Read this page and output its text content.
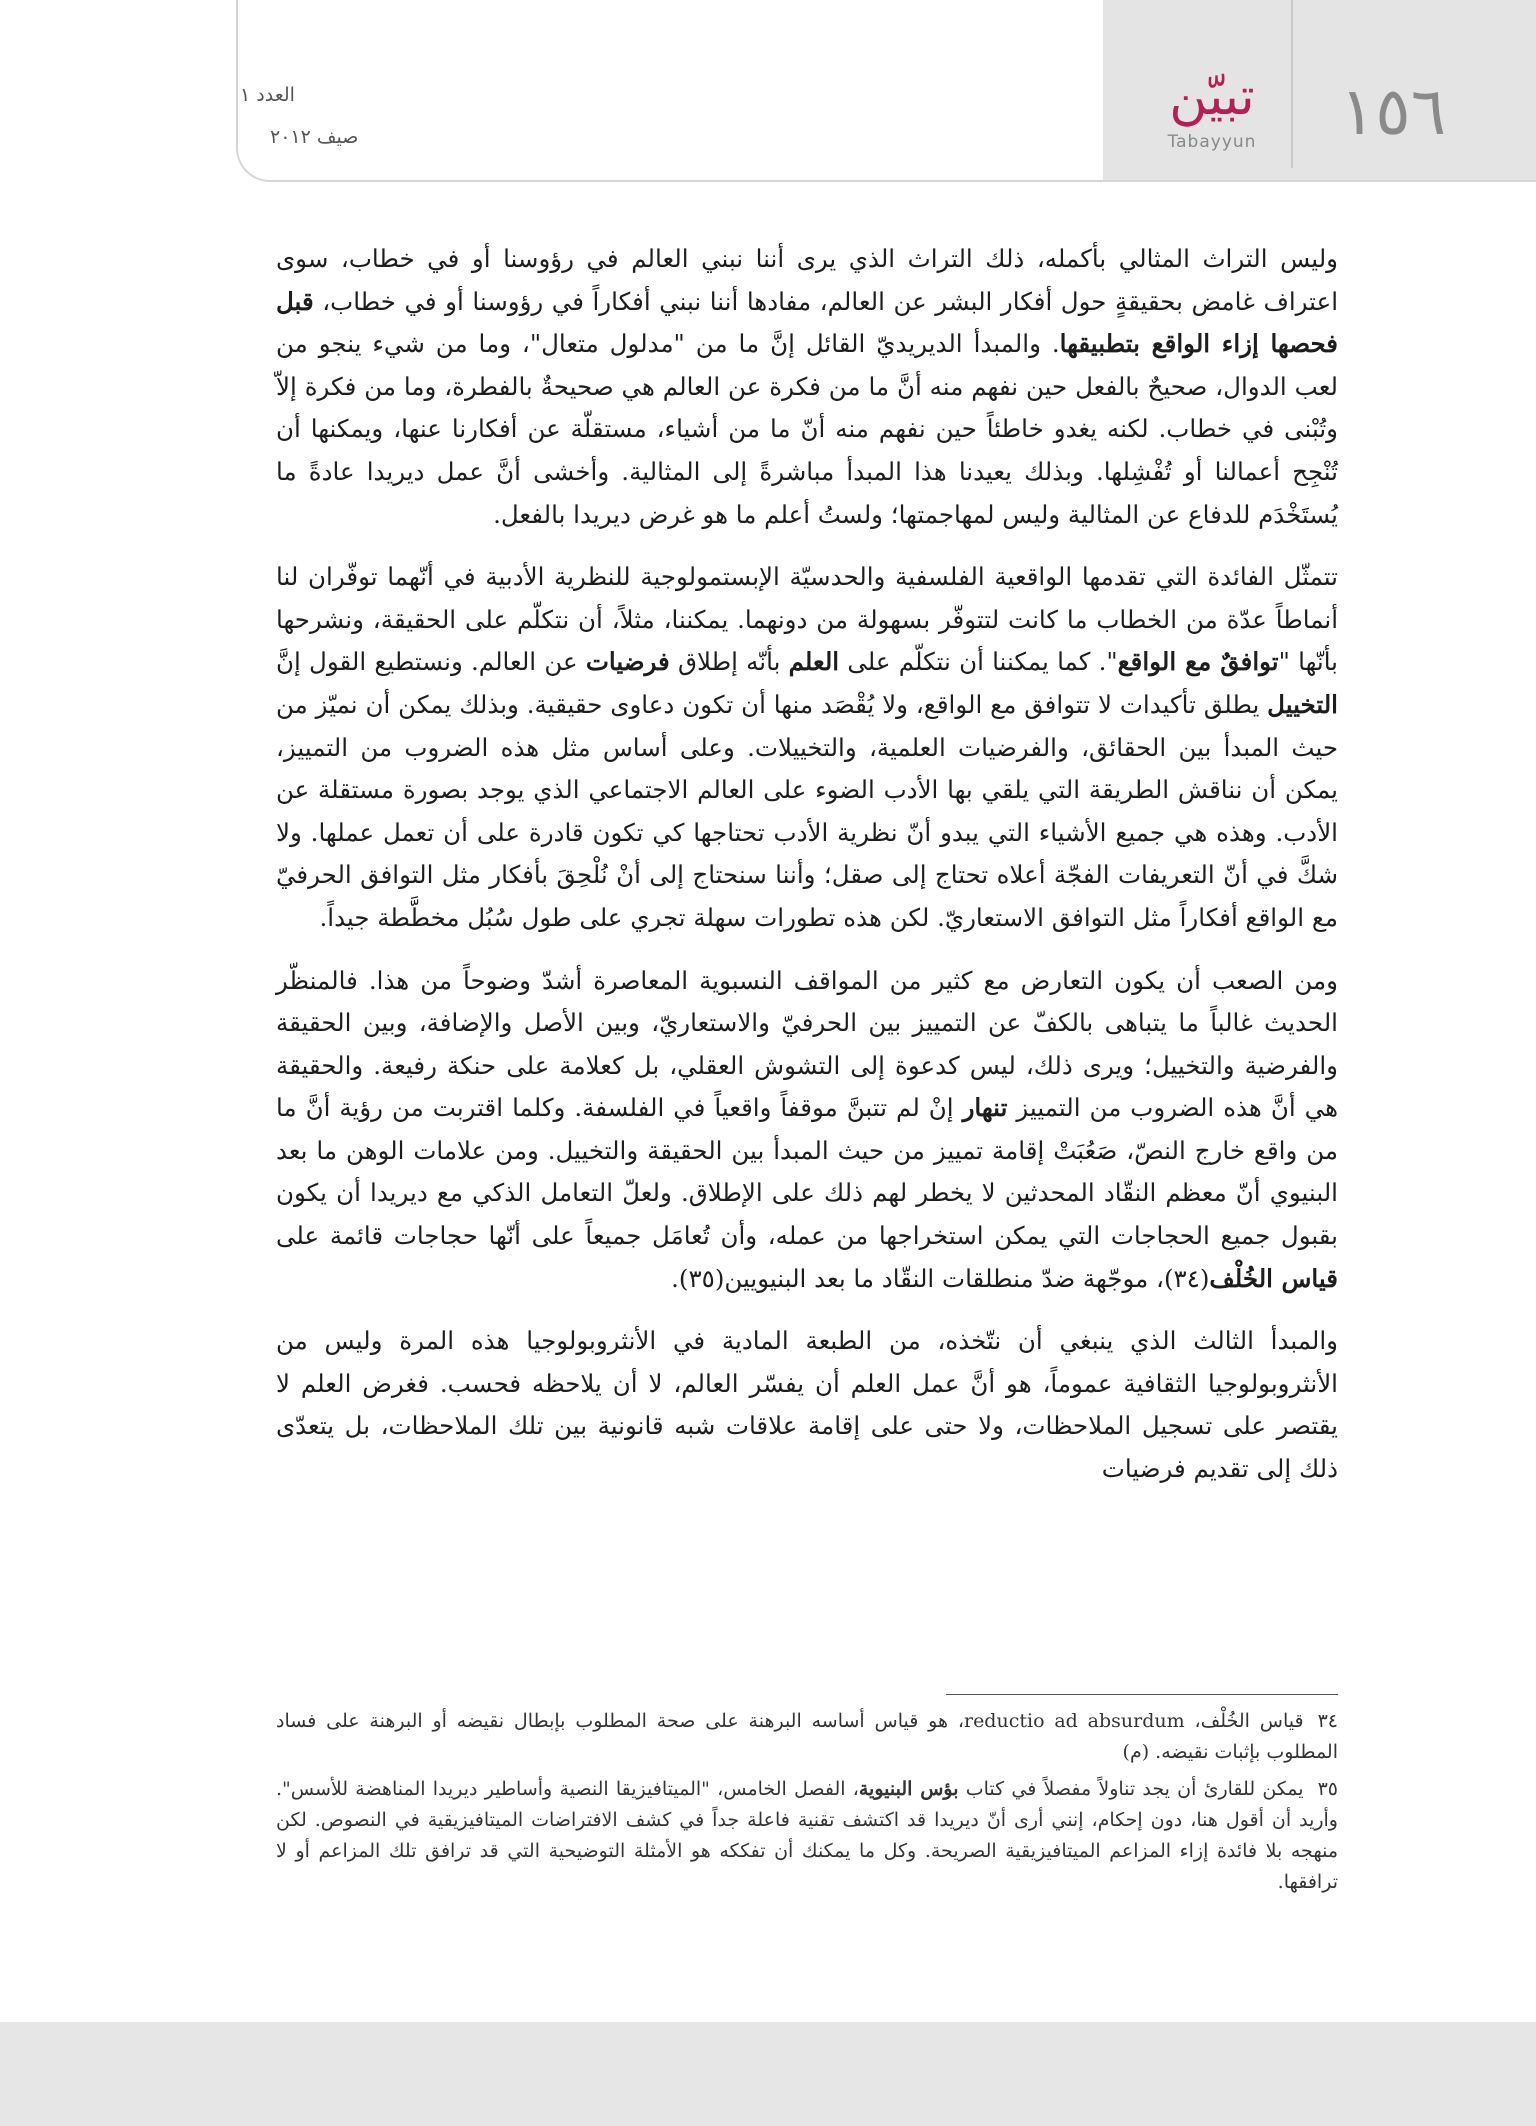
العدد ١
صيف ٢٠١٢
تبيّن
Tabayyun	١٥٦

وليس التراث المثالي بأكمله، ذلك التراث الذي يرى أننا نبني العالم في رؤوسنا أو في خطاب، سوى اعتراف غامض بحقيقةٍ حول أفكار البشر عن العالم، مفادها أننا نبني أفكاراً في رؤوسنا أو في خطاب، قبل فحصها إزاء الواقع بتطبيقها. والمبدأ الديريديّ القائل إنَّ ما من "مدلول متعال"، وما من شيء ينجو من لعب الدوال، صحيحٌ بالفعل حين نفهم منه أنَّ ما من فكرة عن العالم هي صحيحةٌ بالفطرة، وما من فكرة إلاّ وتُبْنى في خطاب. لكنه يغدو خاطئاً حين نفهم منه أنّ ما من أشياء، مستقلّة عن أفكارنا عنها، ويمكنها أن تُنْجِح أعمالنا أو تُفْشِلها. وبذلك يعيدنا هذا المبدأ مباشرةً إلى المثالية. وأخشى أنَّ عمل ديريدا عادةً ما يُستَخْدَم للدفاع عن المثالية وليس لمهاجمتها؛ ولستُ أعلم ما هو غرض ديريدا بالفعل.

تتمثّل الفائدة التي تقدمها الواقعية الفلسفية والحدسيّة الإبستمولوجية للنظرية الأدبية في أنّهما توفّران لنا أنماطاً عدّة من الخطاب ما كانت لتتوفّر بسهولة من دونهما. يمكننا، مثلاً، أن نتكلّم على الحقيقة، ونشرحها بأنّها "توافقٌ مع الواقع". كما يمكننا أن نتكلّم على العلم بأنّه إطلاق فرضيات عن العالم. ونستطيع القول إنَّ التخييل يطلق تأكيدات لا تتوافق مع الواقع، ولا يُقْصَد منها أن تكون دعاوى حقيقية. وبذلك يمكن أن نميّز من حيث المبدأ بين الحقائق، والفرضيات العلمية، والتخييلات. وعلى أساس مثل هذه الضروب من التمييز، يمكن أن نناقش الطريقة التي يلقي بها الأدب الضوء على العالم الاجتماعي الذي يوجد بصورة مستقلة عن الأدب. وهذه هي جميع الأشياء التي يبدو أنّ نظرية الأدب تحتاجها كي تكون قادرة على أن تعمل عملها. ولا شكَّ في أنّ التعريفات الفجّة أعلاه تحتاج إلى صقل؛ وأننا سنحتاج إلى أنْ نُلْحِقَ بأفكار مثل التوافق الحرفيّ مع الواقع أفكاراً مثل التوافق الاستعاريّ. لكن هذه تطورات سهلة تجري على طول سُبُل مخطَّطة جيداً.

ومن الصعب أن يكون التعارض مع كثير من المواقف النسبوية المعاصرة أشدّ وضوحاً من هذا. فالمنظّر الحديث غالباً ما يتباهى بالكفّ عن التمييز بين الحرفيّ والاستعاريّ، وبين الأصل والإضافة، وبين الحقيقة والفرضية والتخييل؛ ويرى ذلك، ليس كدعوة إلى التشوش العقلي، بل كعلامة على حنكة رفيعة. والحقيقة هي أنَّ هذه الضروب من التمييز تنهار إنْ لم تتبنَّ موقفاً واقعياً في الفلسفة. وكلما اقتربت من رؤية أنَّ ما من واقع خارج النصّ، صَعُبَتْ إقامة تمييز من حيث المبدأ بين الحقيقة والتخييل. ومن علامات الوهن ما بعد البنيوي أنّ معظم النقّاد المحدثين لا يخطر لهم ذلك على الإطلاق. ولعلّ التعامل الذكي مع ديريدا أن يكون بقبول جميع الحجاجات التي يمكن استخراجها من عمله، وأن تُعامَل جميعاً على أنّها حجاجات قائمة على قياس الخُلْف(٣٤)، موجّهة ضدّ منطلقات النقّاد ما بعد البنيويين(٣٥).

والمبدأ الثالث الذي ينبغي أن نتّخذه، من الطبعة المادية في الأنثروبولوجيا هذه المرة وليس من الأنثروبولوجيا الثقافية عموماً، هو أنَّ عمل العلم أن يفسّر العالم، لا أن يلاحظه فحسب. فغرض العلم لا يقتصر على تسجيل الملاحظات، ولا حتى على إقامة علاقات شبه قانونية بين تلك الملاحظات، بل يتعدّى ذلك إلى تقديم فرضيات

٣٤قياس الخُلْف، reductio ad absurdum، هو قياس أساسه البرهنة على صحة المطلوب بإبطال نقيضه أو البرهنة على فساد المطلوب بإثبات نقيضه. (م)

٣٥يمكن للقارئ أن يجد تناولاً مفصلاً في كتاب بؤس البنيوية، الفصل الخامس، "الميتافيزيقا النصية وأساطير ديريدا المناهضة للأسس". وأريد أن أقول هنا، دون إحكام، إنني أرى أنّ ديريدا قد اكتشف تقنية فاعلة جداً في كشف الافتراضات الميتافيزيقية في النصوص. لكن منهجه بلا فائدة إزاء المزاعم الميتافيزيقية الصريحة. وكل ما يمكنك أن تفككه هو الأمثلة التوضيحية التي قد ترافق تلك المزاعم أو لا ترافقها.
